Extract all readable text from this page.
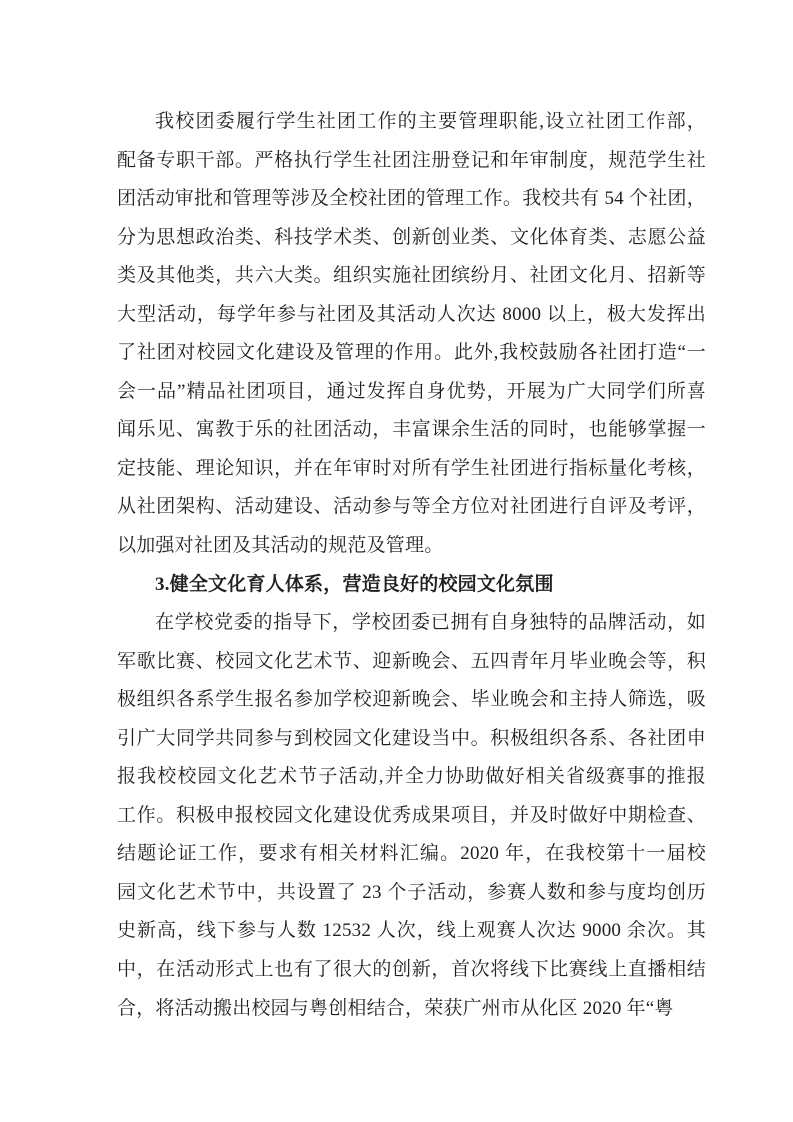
我校团委履行学生社团工作的主要管理职能,设立社团工作部，
配备专职干部。严格执行学生社团注册登记和年审制度，规范学生社
团活动审批和管理等涉及全校社团的管理工作。我校共有 54 个社团，
分为思想政治类、科技学术类、创新创业类、文化体育类、志愿公益
类及其他类，共六大类。组织实施社团缤纷月、社团文化月、招新等
大型活动，每学年参与社团及其活动人次达 8000 以上，极大发挥出
了社团对校园文化建设及管理的作用。此外,我校鼓励各社团打造“一
会一品”精品社团项目，通过发挥自身优势，开展为广大同学们所喜
闻乐见、寓教于乐的社团活动，丰富课余生活的同时，也能够掌握一
定技能、理论知识，并在年审时对所有学生社团进行指标量化考核，
从社团架构、活动建设、活动参与等全方位对社团进行自评及考评，
以加强对社团及其活动的规范及管理。
3.健全文化育人体系，营造良好的校园文化氛围
在学校党委的指导下，学校团委已拥有自身独特的品牌活动，如
军歌比赛、校园文化艺术节、迎新晚会、五四青年月毕业晚会等，积
极组织各系学生报名参加学校迎新晚会、毕业晚会和主持人筛选，吸
引广大同学共同参与到校园文化建设当中。积极组织各系、各社团申
报我校校园文化艺术节子活动,并全力协助做好相关省级赛事的推报
工作。积极申报校园文化建设优秀成果项目，并及时做好中期检查、
结题论证工作，要求有相关材料汇编。2020 年，在我校第十一届校
园文化艺术节中，共设置了 23 个子活动，参赛人数和参与度均创历
史新高，线下参与人数 12532 人次，线上观赛人次达 9000 余次。其
中，在活动形式上也有了很大的创新，首次将线下比赛线上直播相结
合，将活动搬出校园与粤创相结合，荣获广州市从化区 2020 年“粤
